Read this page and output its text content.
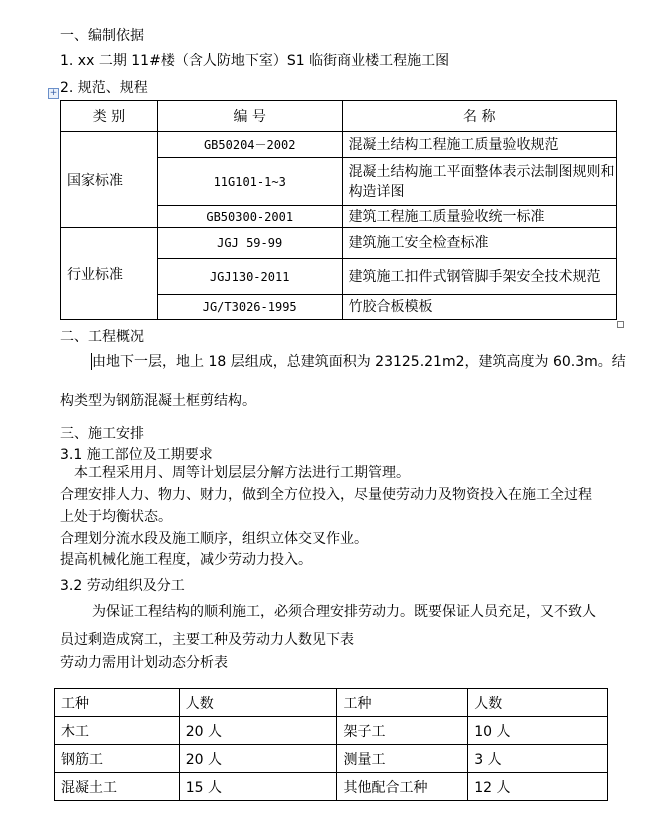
+
一、编制依据
1. xx 二期 11#楼（含人防地下室）S1 临街商业楼工程施工图
2. 规范、规程
类 别	编 号	名 称
国家标准	GB50204－2002	混凝土结构工程施工质量验收规范
	11G101-1~3	混凝土结构施工平面整体表示法制图规则和构造详图
	GB50300-2001	建筑工程施工质量验收统一标准
行业标准	JGJ 59-99	建筑施工安全检查标准
	JGJ130-2011	建筑施工扣件式钢管脚手架安全技术规范
	JG/T3026-1995	竹胶合板模板
二、工程概况
由地下一层，地上 18 层组成，总建筑面积为 23125.21m2，建筑高度为 60.3m。结
构类型为钢筋混凝土框剪结构。
三、施工安排
3.1 施工部位及工期要求
本工程采用月、周等计划层层分解方法进行工期管理。
合理安排人力、物力、财力，做到全方位投入，尽量使劳动力及物资投入在施工全过程
上处于均衡状态。
合理划分流水段及施工顺序，组织立体交叉作业。
提高机械化施工程度，减少劳动力投入。
3.2 劳动组织及分工
为保证工程结构的顺利施工，必须合理安排劳动力。既要保证人员充足，又不致人
员过剩造成窝工，主要工种及劳动力人数见下表
劳动力需用计划动态分析表
工种	人数	工种	人数
木工	20 人	架子工	10 人
钢筋工	20 人	测量工	3 人
混凝土工	15 人	其他配合工种	12 人
